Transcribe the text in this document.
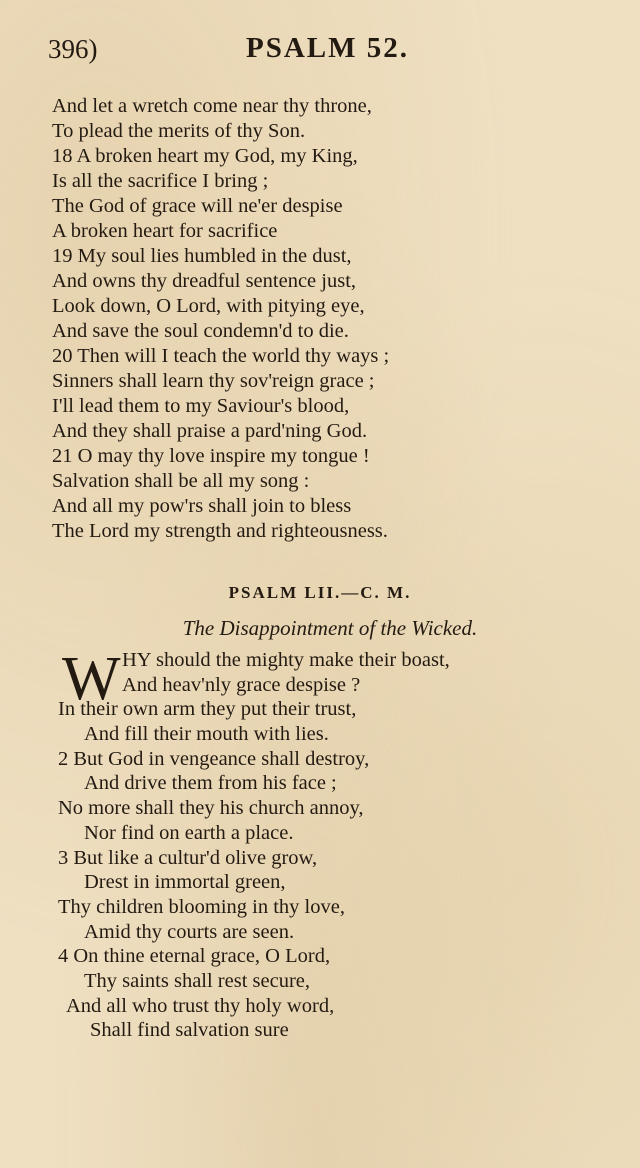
396)	PSALM 52.
And let a wretch come near thy throne,
To plead the merits of thy Son.
18 A broken heart my God, my King,
Is all the sacrifice I bring ;
The God of grace will ne'er despise
A broken heart for sacrifice
19 My soul lies humbled in the dust,
And owns thy dreadful sentence just,
Look down, O Lord, with pitying eye,
And save the soul condemn'd to die.
20 Then will I teach the world thy ways ;
Sinners shall learn thy sov'reign grace ;
I'll lead them to my Saviour's blood,
And they shall praise a pard'ning God.
21 O may thy love inspire my tongue !
Salvation shall be all my song :
And all my pow'rs shall join to bless
The Lord my strength and righteousness.
PSALM LII.—C. M.
The Disappointment of the Wicked.
W HY should the mighty make their boast,
And heav'nly grace despise ?
In their own arm they put their trust,
And fill their mouth with lies.
2 But God in vengeance shall destroy,
And drive them from his face ;
No more shall they his church annoy,
Nor find on earth a place.
3 But like a cultur'd olive grow,
Drest in immortal green,
Thy children blooming in thy love,
Amid thy courts are seen.
4 On thine eternal grace, O Lord,
Thy saints shall rest secure,
And all who trust thy holy word,
Shall find salvation sure
